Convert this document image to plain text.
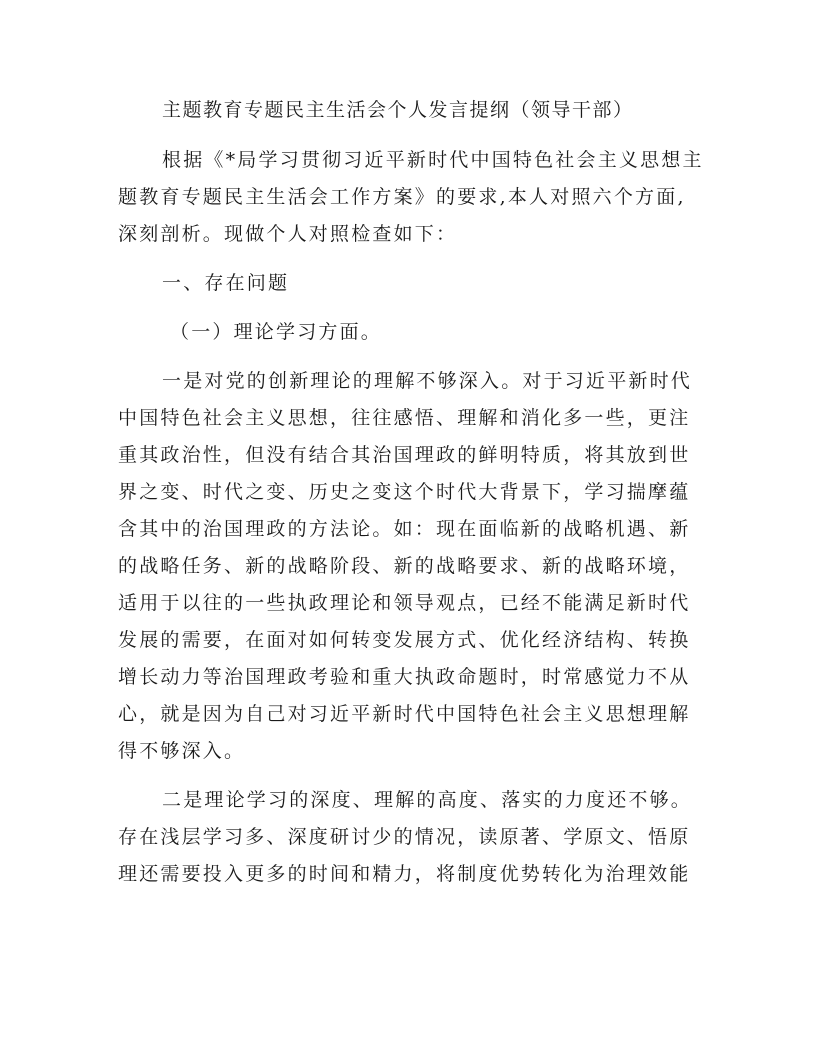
主题教育专题民主生活会个人发言提纲（领导干部）
根据《*局学习贯彻习近平新时代中国特色社会主义思想主
题教育专题民主生活会工作方案》的要求,本人对照六个方面,
深刻剖析。现做个人对照检查如下：
一、存在问题
（一）理论学习方面。
一是对党的创新理论的理解不够深入。对于习近平新时代
中国特色社会主义思想，往往感悟、理解和消化多一些，更注
重其政治性，但没有结合其治国理政的鲜明特质，将其放到世
界之变、时代之变、历史之变这个时代大背景下，学习揣摩蕴
含其中的治国理政的方法论。如：现在面临新的战略机遇、新
的战略任务、新的战略阶段、新的战略要求、新的战略环境，
适用于以往的一些执政理论和领导观点，已经不能满足新时代
发展的需要，在面对如何转变发展方式、优化经济结构、转换
增长动力等治国理政考验和重大执政命题时，时常感觉力不从
心，就是因为自己对习近平新时代中国特色社会主义思想理解
得不够深入。
二是理论学习的深度、理解的高度、落实的力度还不够。
存在浅层学习多、深度研讨少的情况，读原著、学原文、悟原
理还需要投入更多的时间和精力，将制度优势转化为治理效能
